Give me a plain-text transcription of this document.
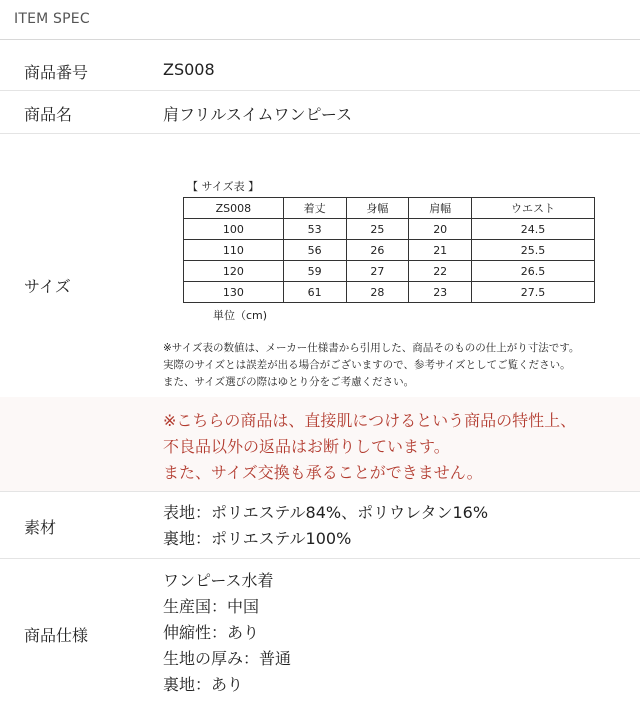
ITEM SPEC
商品番号	ZS008
商品名	肩フリルスイムワンピース
サイズ
【 サイズ表 】
ZS008	着丈	身幅	肩幅	ウエスト
100	53	25	20	24.5
110	56	26	21	25.5
120	59	27	22	26.5
130	61	28	23	27.5
単位（cm)
※サイズ表の数値は、メーカー仕様書から引用した、商品そのものの仕上がり寸法です。
実際のサイズとは誤差が出る場合がございますので、参考サイズとしてご覧ください。
また、サイズ選びの際はゆとり分をご考慮ください。
※こちらの商品は、直接肌につけるという商品の特性上、
不良品以外の返品はお断りしています。
また、サイズ交換も承ることができません。
素材
表地：ポリエステル84%、ポリウレタン16%
裏地：ポリエステル100%
商品仕様
ワンピース水着
生産国：中国
伸縮性：あり
生地の厚み：普通
裏地：あり
